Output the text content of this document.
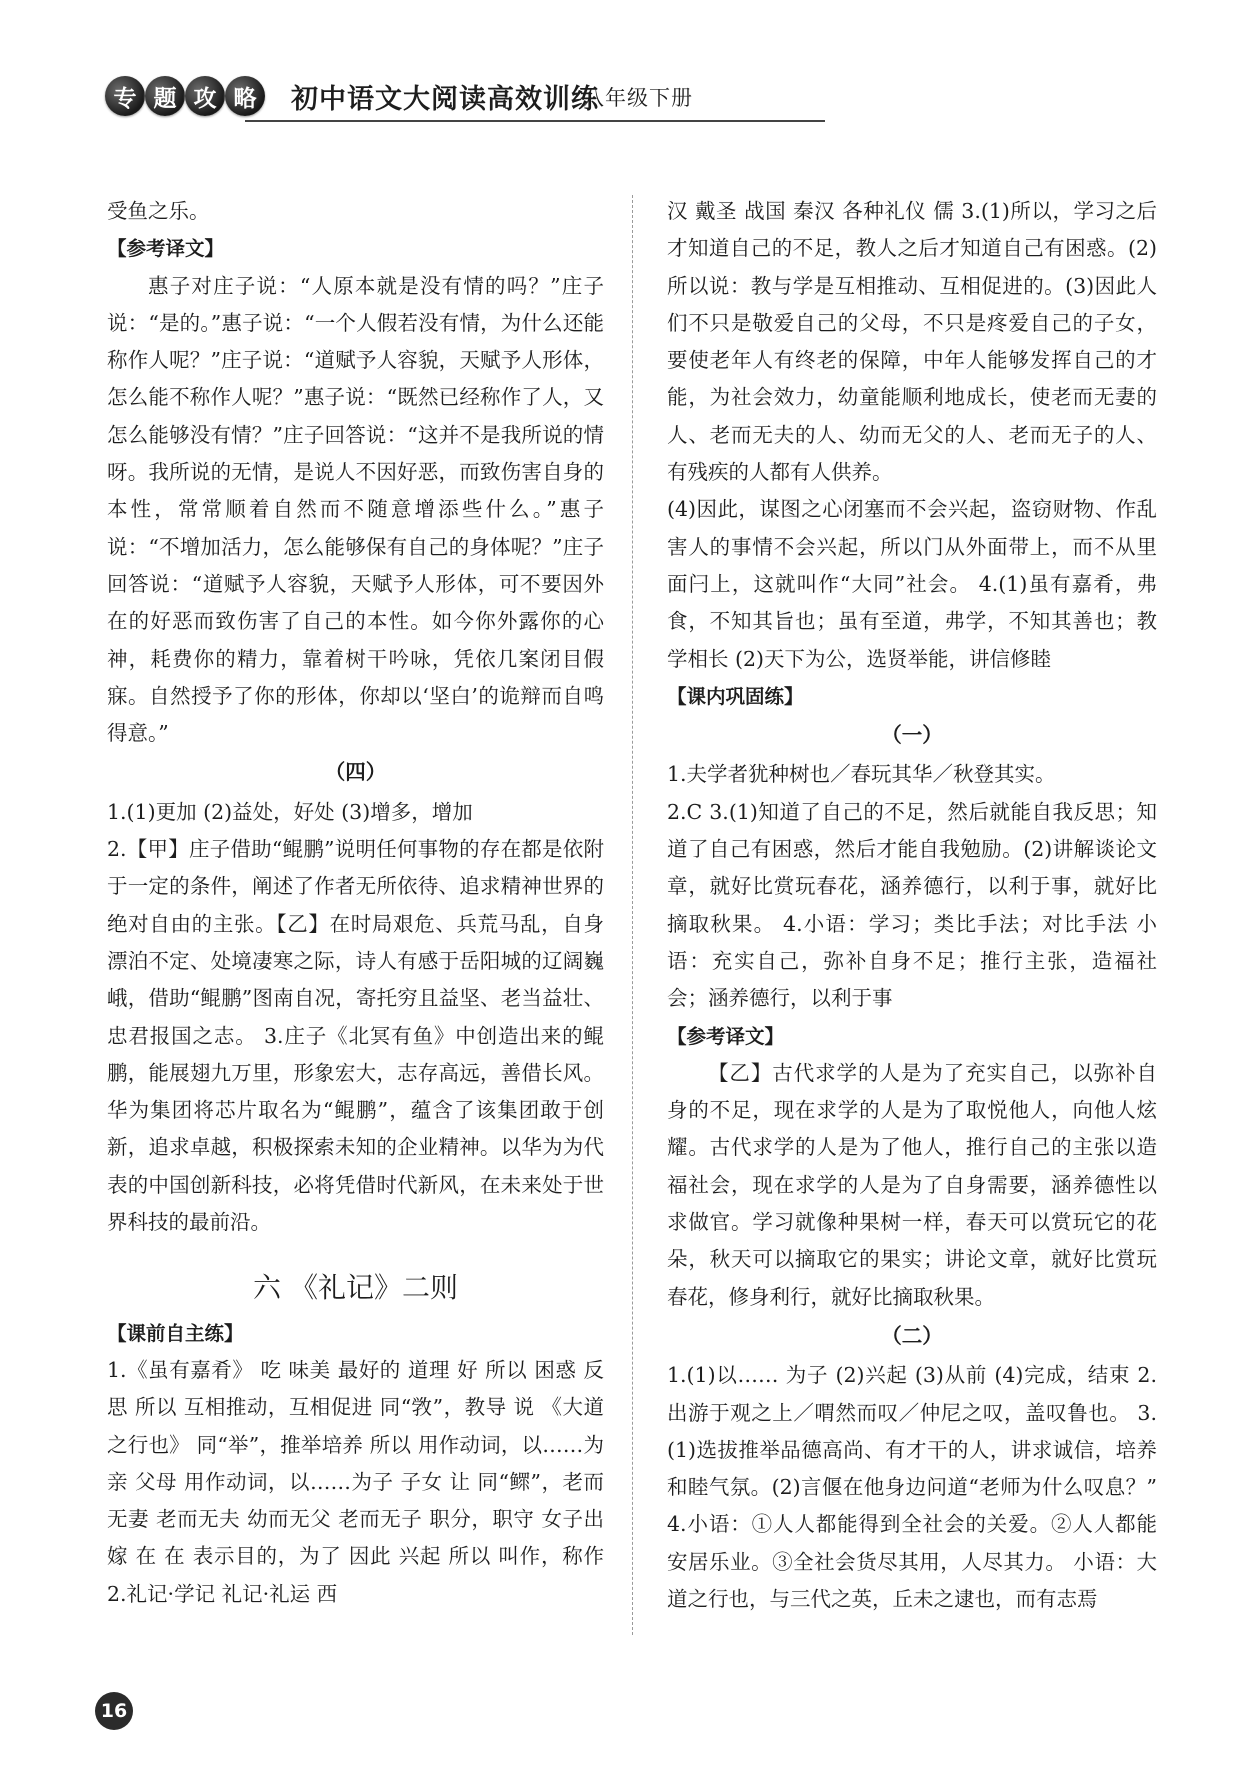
专 题 攻 略	初中语文大阅读高效训练
八年级下册

受鱼之乐。

【参考译文】

惠子对庄子说：“人原本就是没有情的吗？”庄子说：“是的。”惠子说：“一个人假若没有情，为什么还能称作人呢？”庄子说：“道赋予人容貌，天赋予人形体，怎么能不称作人呢？”惠子说：“既然已经称作了人，又怎么能够没有情？”庄子回答说：“这并不是我所说的情呀。我所说的无情，是说人不因好恶，而致伤害自身的本性，常常顺着自然而不随意增添些什么。”惠子说：“不增加活力，怎么能够保有自己的身体呢？”庄子回答说：“道赋予人容貌，天赋予人形体，可不要因外在的好恶而致伤害了自己的本性。如今你外露你的心神，耗费你的精力，靠着树干吟咏，凭依几案闭目假寐。自然授予了你的形体，你却以‘坚白’的诡辩而自鸣得意。”

（四）

1.(1)更加 (2)益处，好处 (3)增多，增加

2.【甲】庄子借助“鲲鹏”说明任何事物的存在都是依附于一定的条件，阐述了作者无所依待、追求精神世界的绝对自由的主张。【乙】在时局艰危、兵荒马乱，自身漂泊不定、处境凄寒之际，诗人有感于岳阳城的辽阔巍峨，借助“鲲鹏”图南自况，寄托穷且益坚、老当益壮、忠君报国之志。 3.庄子《北冥有鱼》中创造出来的鲲鹏，能展翅九万里，形象宏大，志存高远，善借长风。华为集团将芯片取名为“鲲鹏”，蕴含了该集团敢于创新，追求卓越，积极探索未知的企业精神。以华为为代表的中国创新科技，必将凭借时代新风，在未来处于世界科技的最前沿。

六 《礼记》二则

【课前自主练】

1.《虽有嘉肴》 吃 味美 最好的 道理 好 所以 困惑 反思 所以 互相推动，互相促进 同“敩”，教导 说 《大道之行也》 同“举”，推举培养 所以 用作动词，以……为亲 父母 用作动词，以……为子 子女 让 同“鳏”，老而无妻 老而无夫 幼而无父 老而无子 职分，职守 女子出嫁 在 在 表示目的，为了 因此 兴起 所以 叫作，称作 2.礼记·学记 礼记·礼运 西

汉 戴圣 战国 秦汉 各种礼仪 儒 3.(1)所以，学习之后才知道自己的不足，教人之后才知道自己有困惑。(2)所以说：教与学是互相推动、互相促进的。(3)因此人们不只是敬爱自己的父母，不只是疼爱自己的子女，要使老年人有终老的保障，中年人能够发挥自己的才能，为社会效力，幼童能顺利地成长，使老而无妻的人、老而无夫的人、幼而无父的人、老而无子的人、有残疾的人都有人供养。

(4)因此，谋图之心闭塞而不会兴起，盗窃财物、作乱害人的事情不会兴起，所以门从外面带上，而不从里面闩上，这就叫作“大同”社会。 4.(1)虽有嘉肴，弗食，不知其旨也；虽有至道，弗学，不知其善也；教学相长 (2)天下为公，选贤举能，讲信修睦

【课内巩固练】

（一）

1.夫学者犹种树也／春玩其华／秋登其实。

2.C 3.(1)知道了自己的不足，然后就能自我反思；知道了自己有困惑，然后才能自我勉励。(2)讲解谈论文章，就好比赏玩春花，涵养德行，以利于事，就好比摘取秋果。 4.小语：学习；类比手法；对比手法 小语：充实自己，弥补自身不足；推行主张，造福社会；涵养德行，以利于事

【参考译文】

【乙】古代求学的人是为了充实自己，以弥补自身的不足，现在求学的人是为了取悦他人，向他人炫耀。古代求学的人是为了他人，推行自己的主张以造福社会，现在求学的人是为了自身需要，涵养德性以求做官。学习就像种果树一样，春天可以赏玩它的花朵，秋天可以摘取它的果实；讲论文章，就好比赏玩春花，修身利行，就好比摘取秋果。

（二）

1.(1)以…… 为子 (2)兴起 (3)从前 (4)完成，结束 2.出游于观之上／喟然而叹／仲尼之叹，盖叹鲁也。 3.(1)选拔推举品德高尚、有才干的人，讲求诚信，培养和睦气氛。(2)言偃在他身边问道“老师为什么叹息？” 4.小语：①人人都能得到全社会的关爱。②人人都能安居乐业。③全社会货尽其用，人尽其力。 小语：大道之行也，与三代之英，丘未之逮也，而有志焉

16
